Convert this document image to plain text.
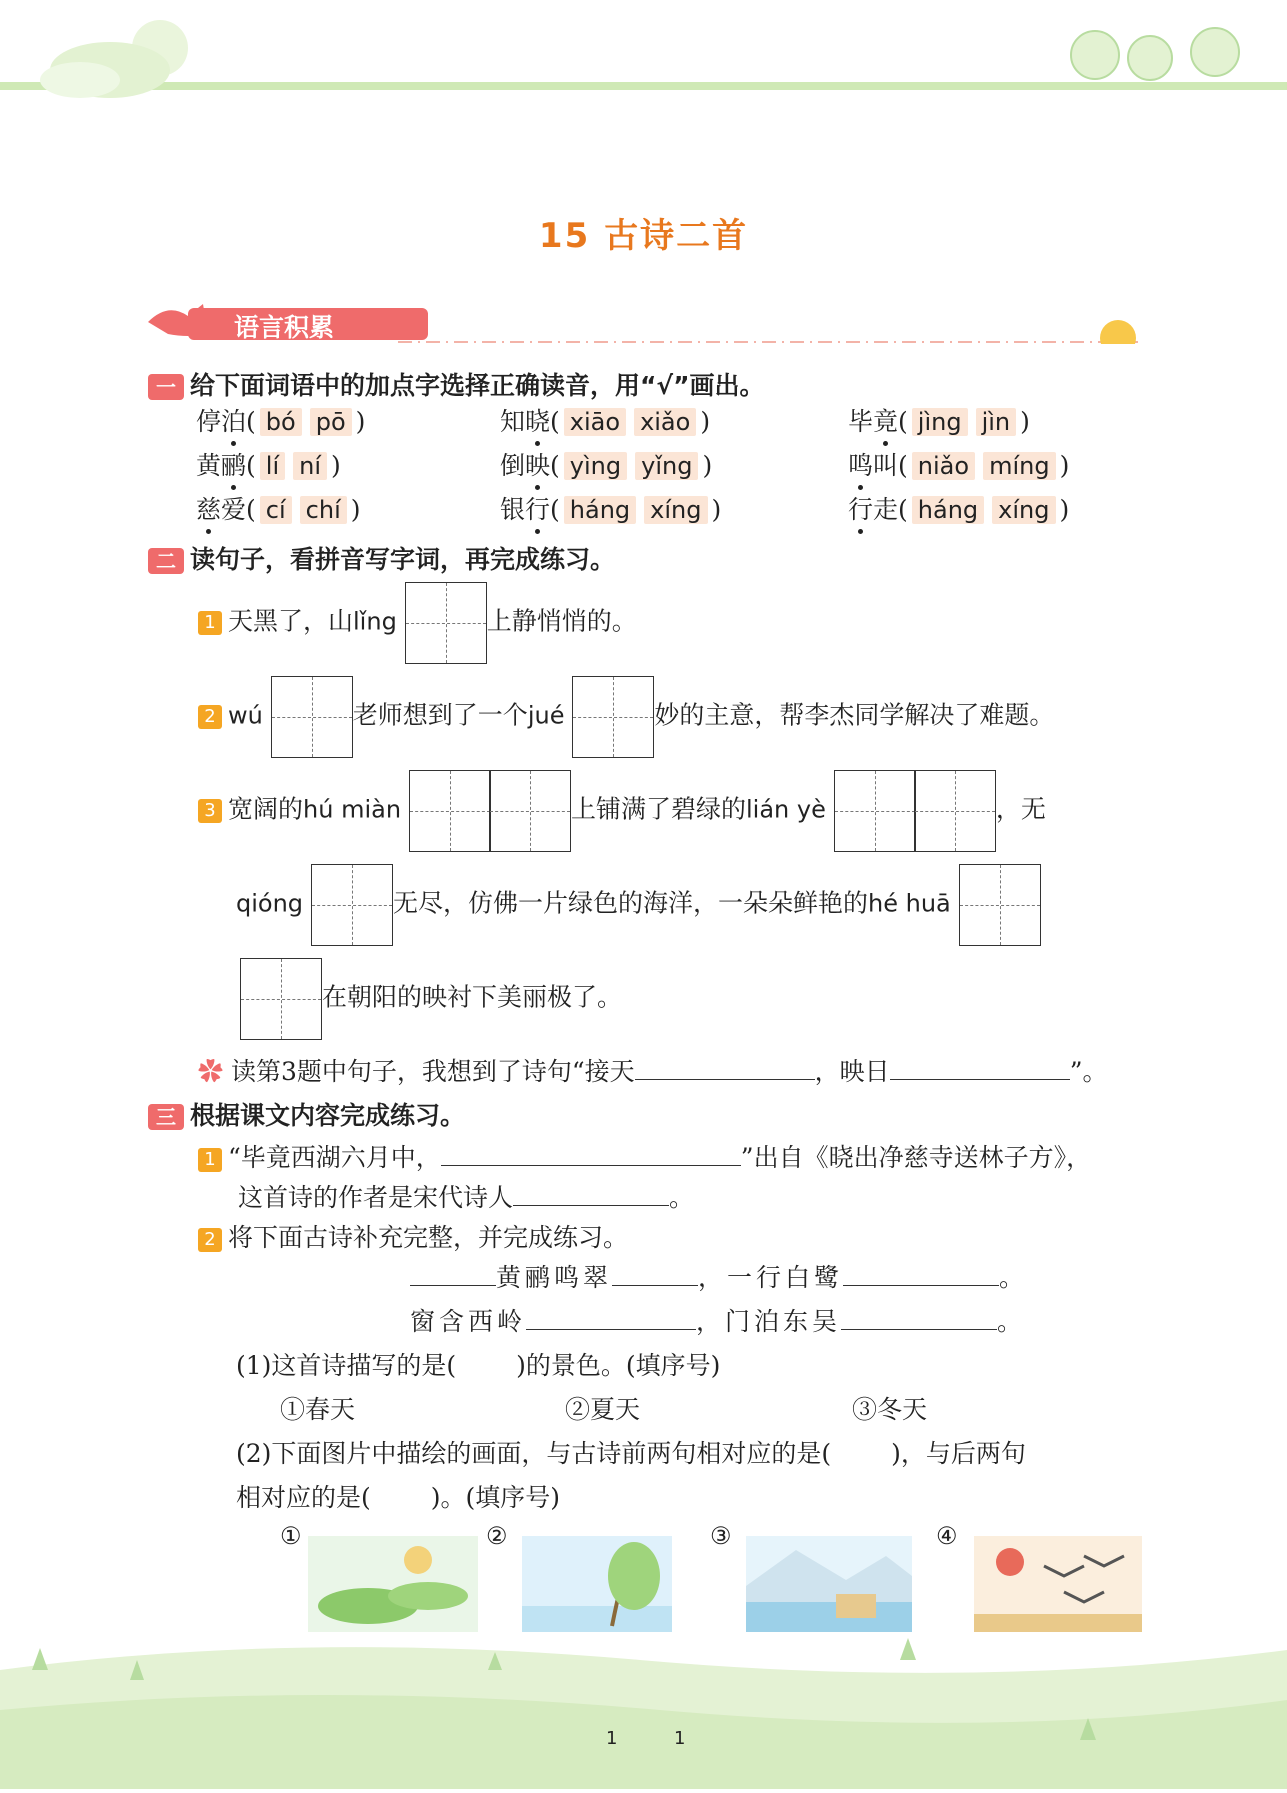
15 古诗二首
语言积累
一 给下面词语中的加点字选择正确读音，用“√”画出。
停泊( bó pō )	知晓( xiāo xiǎo )	毕竟( jìng jìn )
黄鹂( lí ní )	倒映( yìng yǐng )	鸣叫( niǎo míng )
慈爱( cí chí )	银行( háng xíng )	行走( háng xíng )
二 读句子，看拼音写字词，再完成练习。
1 天黑了，山lǐng	上静悄悄的。
2 wú	老师想到了一个jué	妙的主意，帮李杰同学解决了难题。
3 宽阔的hú miàn	上铺满了碧绿的lián yè	，无
qióng	无尽，仿佛一片绿色的海洋，一朵朵鲜艳的hé huā
在朝阳的映衬下美丽极了。
✿ 读第3题中句子，我想到了诗句“接天	，映日	”。
三 根据课文内容完成练习。
1 “毕竟西湖六月中，	”出自《晓出净慈寺送林子方》，
这首诗的作者是宋代诗人	。
2 将下面古诗补充完整，并完成练习。
黄鹂鸣翠	，一行白鹭	。
窗含西岭	，门泊东吴	。
(1)这首诗描写的是( )的景色。(填序号)
①春天	②夏天	③冬天
(2)下面图片中描绘的画面，与古诗前两句相对应的是( )，与后两句
相对应的是( )。(填序号)
①	②	③	④
1	1
